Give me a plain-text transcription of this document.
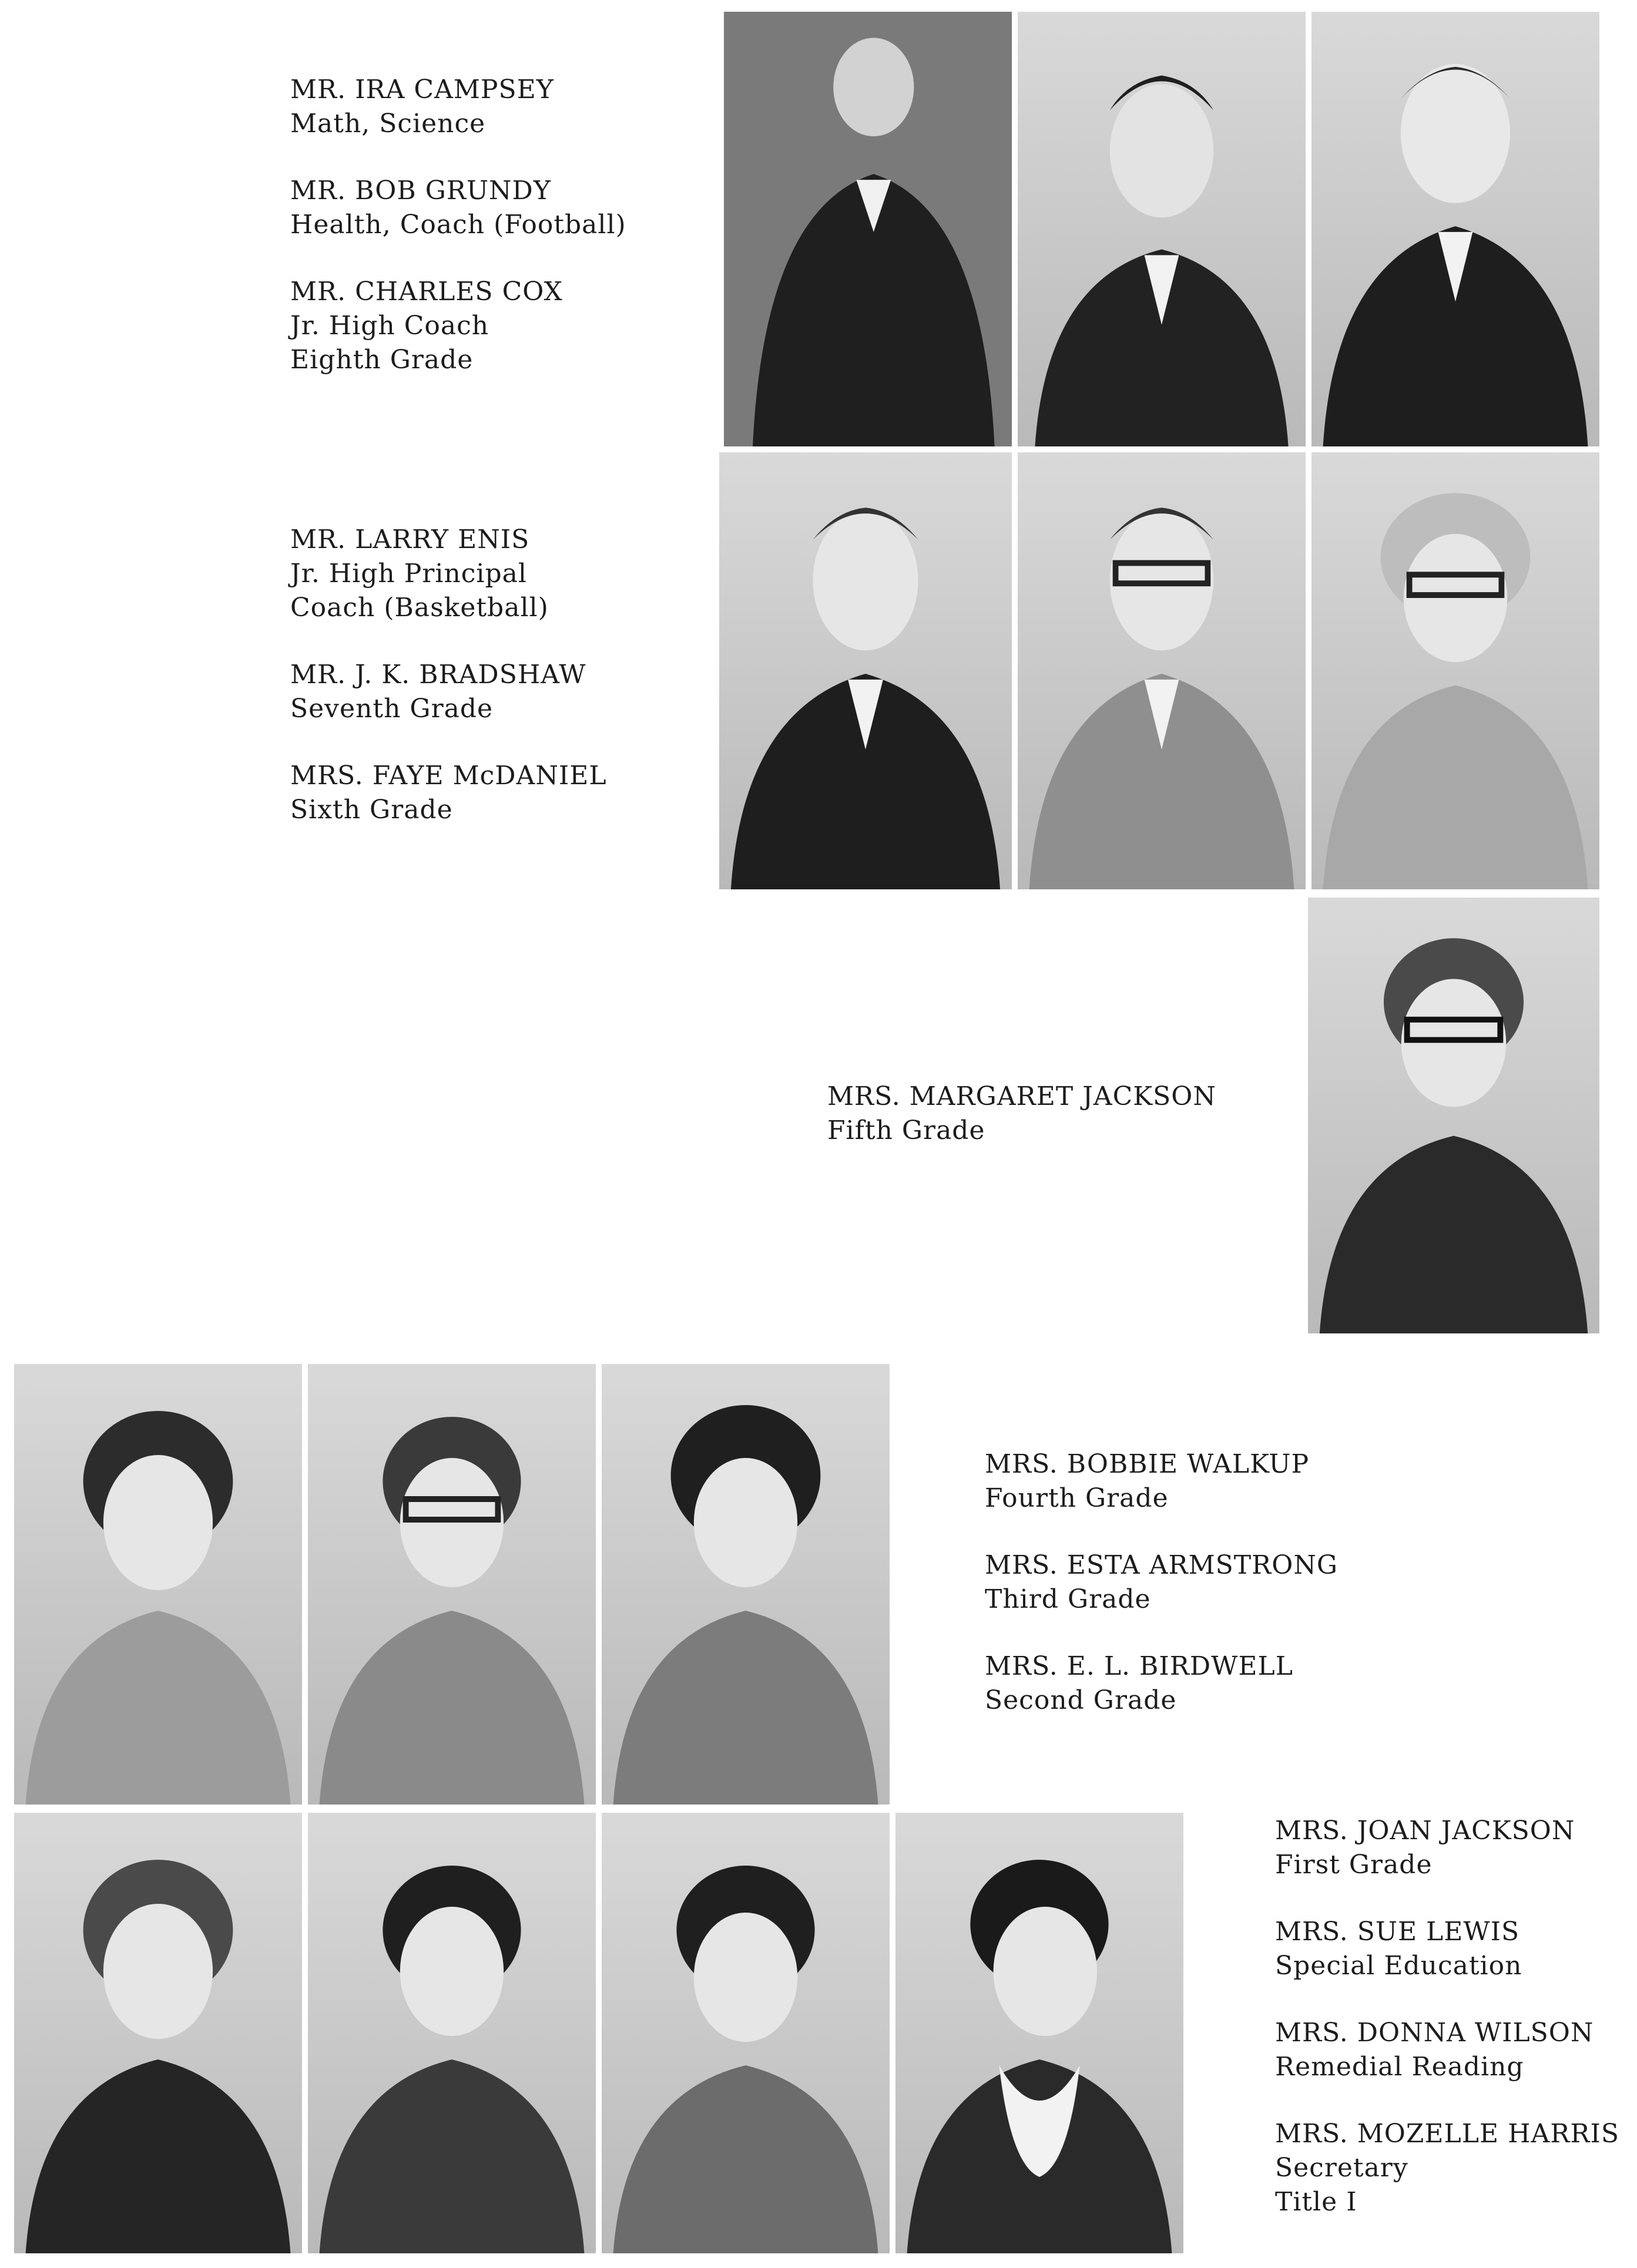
MR. IRA CAMPSEY
Math, Science
MR. BOB GRUNDY
Health, Coach (Football)
MR. CHARLES COX
Jr. High Coach
Eighth Grade
MR. LARRY ENIS
Jr. High Principal
Coach (Basketball)
MR. J. K. BRADSHAW
Seventh Grade
MRS. FAYE McDANIEL
Sixth Grade
MRS. MARGARET JACKSON
Fifth Grade
MRS. BOBBIE WALKUP
Fourth Grade
MRS. ESTA ARMSTRONG
Third Grade
MRS. E. L. BIRDWELL
Second Grade
MRS. JOAN JACKSON
First Grade
MRS. SUE LEWIS
Special Education
MRS. DONNA WILSON
Remedial Reading
MRS. MOZELLE HARRIS
Secretary
Title I
